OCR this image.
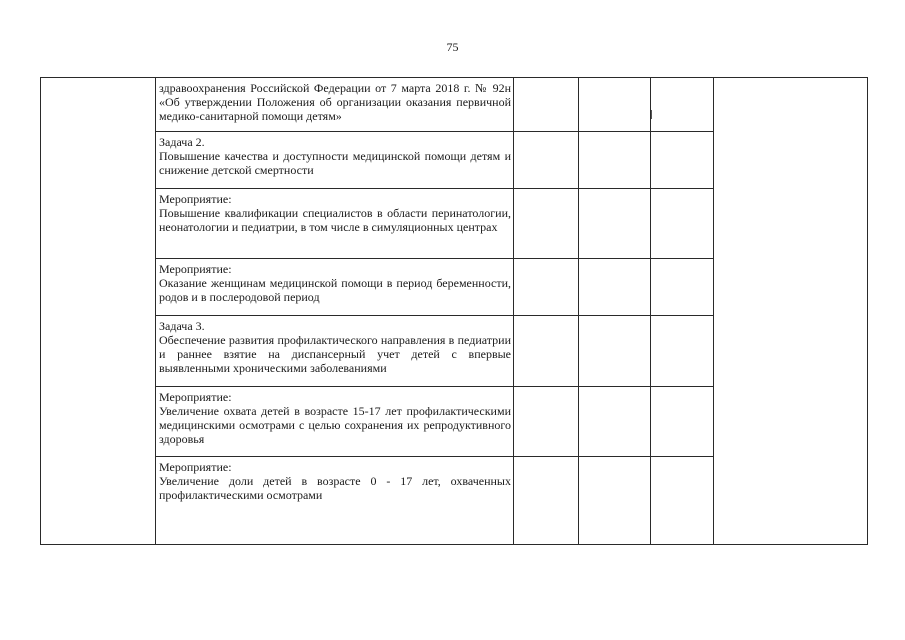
75

	здравоохранения Российской Федерации от 7 марта 2018 г. № 92н «Об утверждении Положения об организации оказания первичной медико-санитарной помощи детям»				

	Задача 2.
Повышение качества и доступности медицинской помощи детям и снижение детской смертности				

	Мероприятие:
Повышение квалификации специалистов в области перинатологии, неонатологии и педиатрии, в том числе в симуляционных центрах				

	Мероприятие:
Оказание женщинам медицинской помощи в период беременности, родов и в послеродовой период				

	Задача 3.
Обеспечение развития профилактического направления в педиатрии и раннее взятие на диспансерный учет детей с впервые выявленными хроническими заболеваниями				

	Мероприятие:
Увеличение охвата детей в возрасте 15-17 лет профилактическими медицинскими осмотрами с целью сохранения их репродуктивного здоровья				

	Мероприятие:
Увеличение доли детей в возрасте 0 - 17 лет, охваченных профилактическими осмотрами				
